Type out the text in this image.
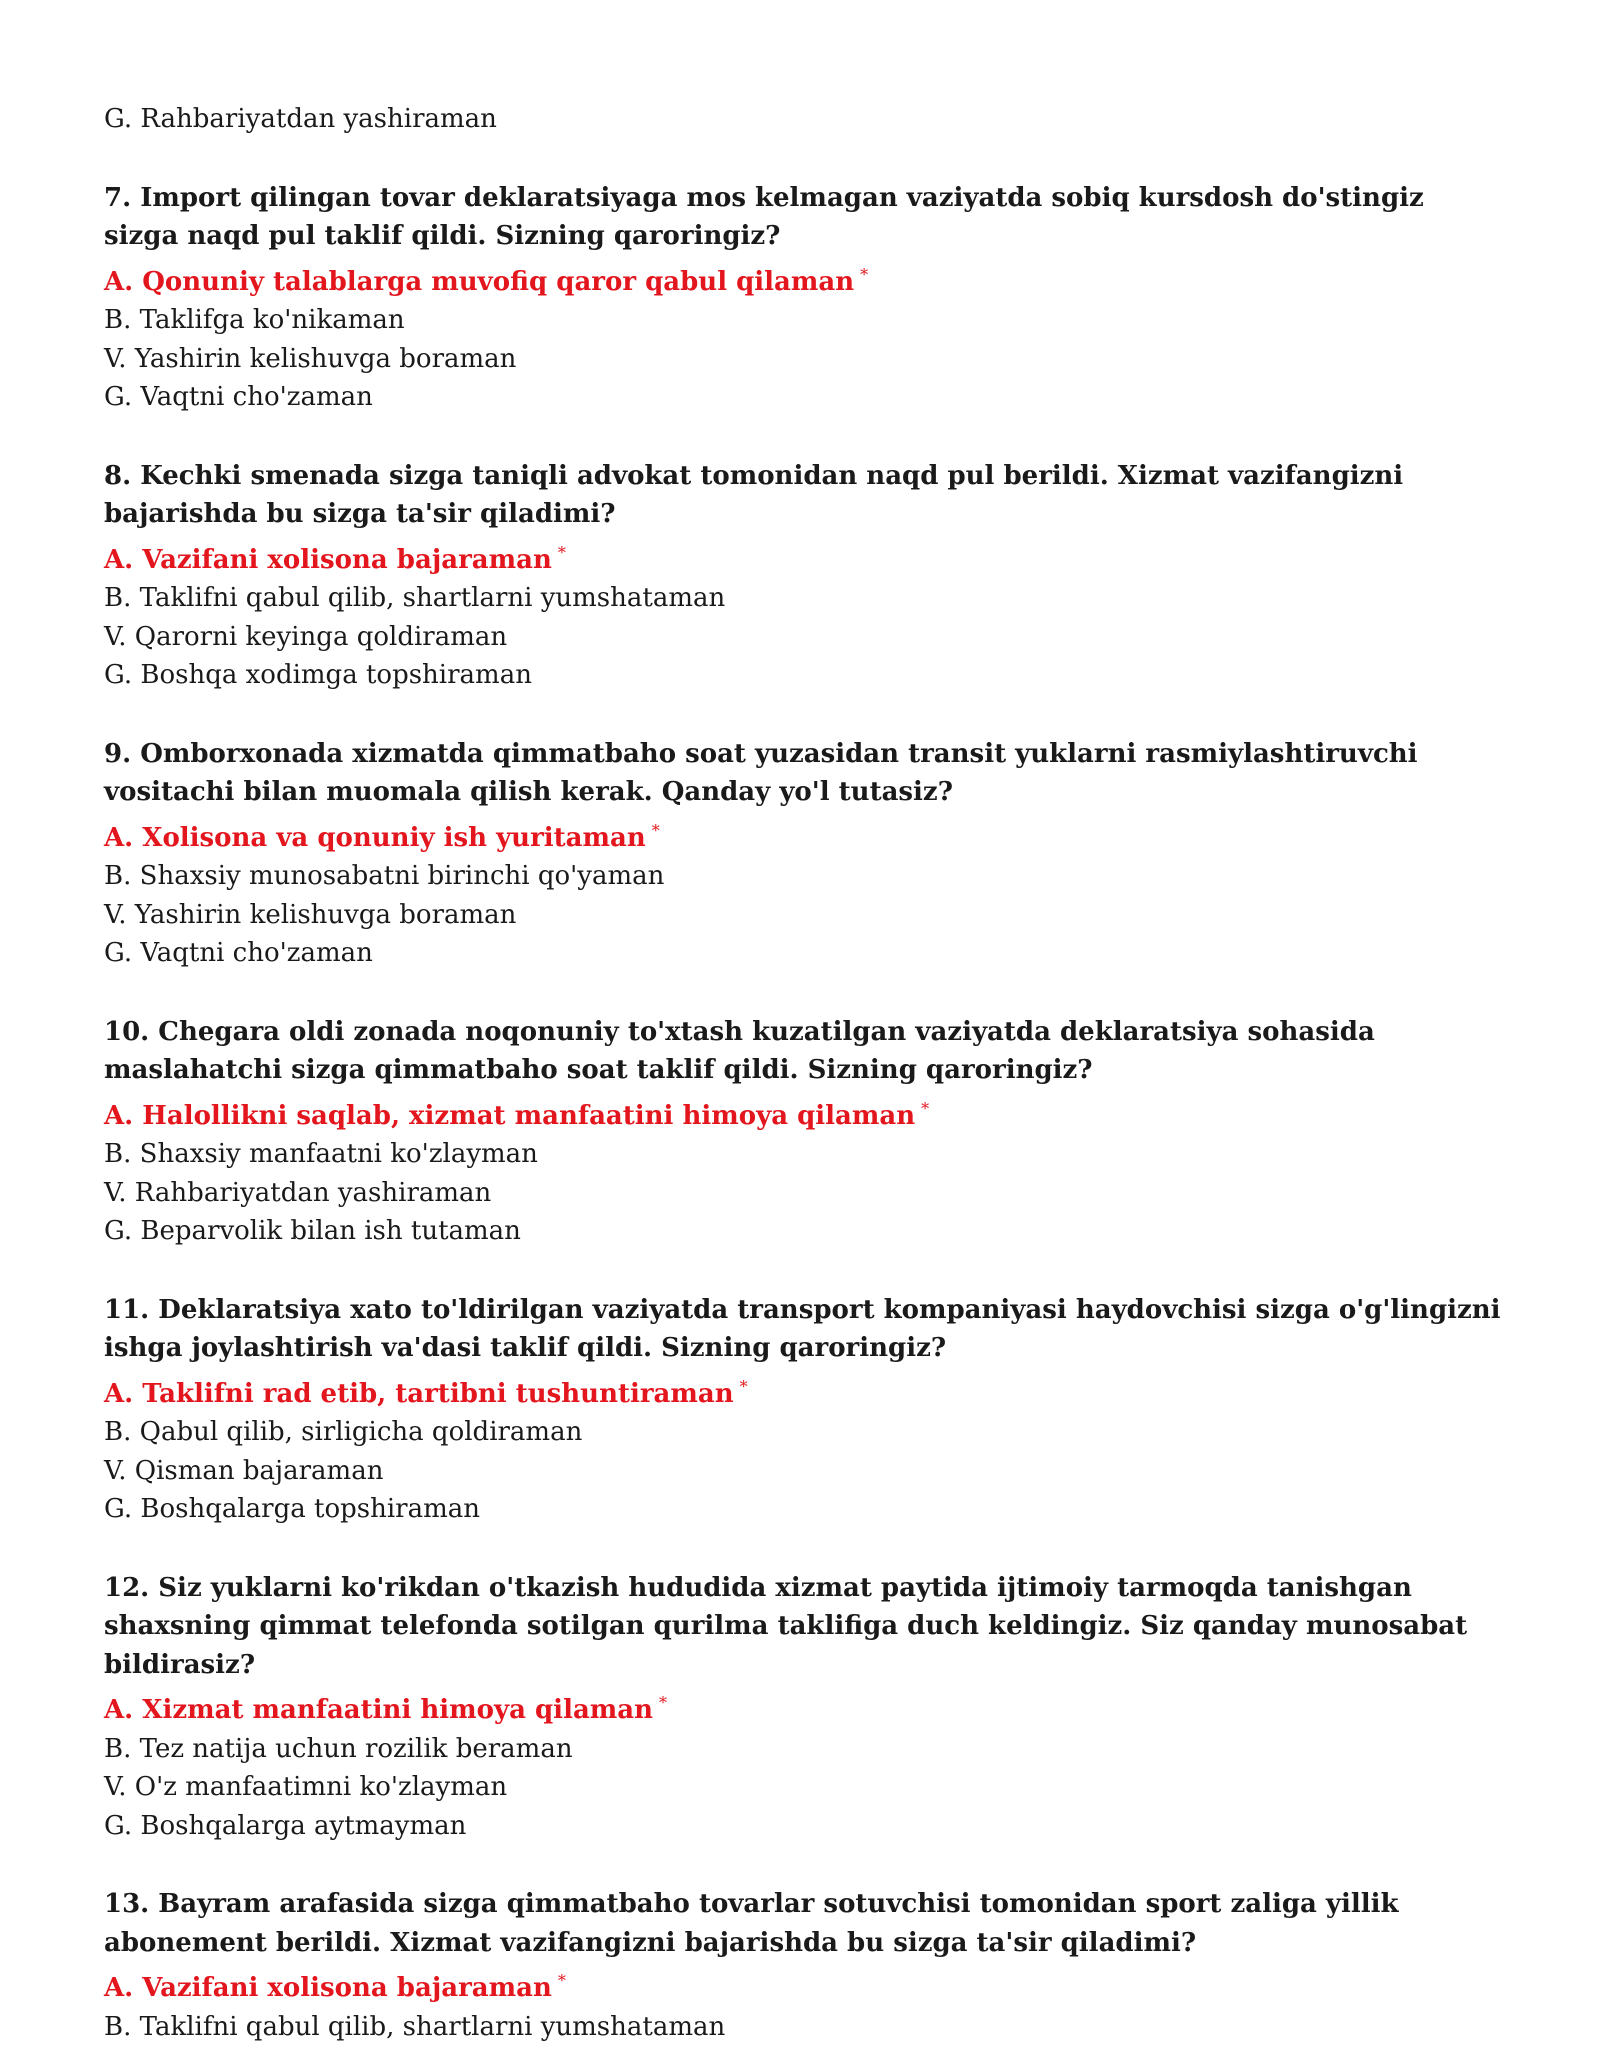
G. Rahbariyatdan yashiraman
7. Import qilingan tovar deklaratsiyaga mos kelmagan vaziyatda sobiq kursdosh do'stingiz sizga naqd pul taklif qildi. Sizning qaroringiz?
A. Qonuniy talablarga muvofiq qaror qabul qilaman *
B. Taklifga ko'nikaman
V. Yashirin kelishuvga boraman
G. Vaqtni cho'zaman
8. Kechki smenada sizga taniqli advokat tomonidan naqd pul berildi. Xizmat vazifangizni bajarishda bu sizga ta'sir qiladimi?
A. Vazifani xolisona bajaraman *
B. Taklifni qabul qilib, shartlarni yumshataman
V. Qarorni keyinga qoldiraman
G. Boshqa xodimga topshiraman
9. Omborxonada xizmatda qimmatbaho soat yuzasidan transit yuklarni rasmiylashtiruvchi vositachi bilan muomala qilish kerak. Qanday yo'l tutasiz?
A. Xolisona va qonuniy ish yuritaman *
B. Shaxsiy munosabatni birinchi qo'yaman
V. Yashirin kelishuvga boraman
G. Vaqtni cho'zaman
10. Chegara oldi zonada noqonuniy to'xtash kuzatilgan vaziyatda deklaratsiya sohasida maslahatchi sizga qimmatbaho soat taklif qildi. Sizning qaroringiz?
A. Halollikni saqlab, xizmat manfaatini himoya qilaman *
B. Shaxsiy manfaatni ko'zlayman
V. Rahbariyatdan yashiraman
G. Beparvolik bilan ish tutaman
11. Deklaratsiya xato to'ldirilgan vaziyatda transport kompaniyasi haydovchisi sizga o'g'lingizni ishga joylashtirish va'dasi taklif qildi. Sizning qaroringiz?
A. Taklifni rad etib, tartibni tushuntiraman *
B. Qabul qilib, sirligicha qoldiraman
V. Qisman bajaraman
G. Boshqalarga topshiraman
12. Siz yuklarni ko'rikdan o'tkazish hududida xizmat paytida ijtimoiy tarmoqda tanishgan shaxsning qimmat telefonda sotilgan qurilma taklifiga duch keldingiz. Siz qanday munosabat bildirasiz?
A. Xizmat manfaatini himoya qilaman *
B. Tez natija uchun rozilik beraman
V. O'z manfaatimni ko'zlayman
G. Boshqalarga aytmayman
13. Bayram arafasida sizga qimmatbaho tovarlar sotuvchisi tomonidan sport zaliga yillik abonement berildi. Xizmat vazifangizni bajarishda bu sizga ta'sir qiladimi?
A. Vazifani xolisona bajaraman *
B. Taklifni qabul qilib, shartlarni yumshataman
